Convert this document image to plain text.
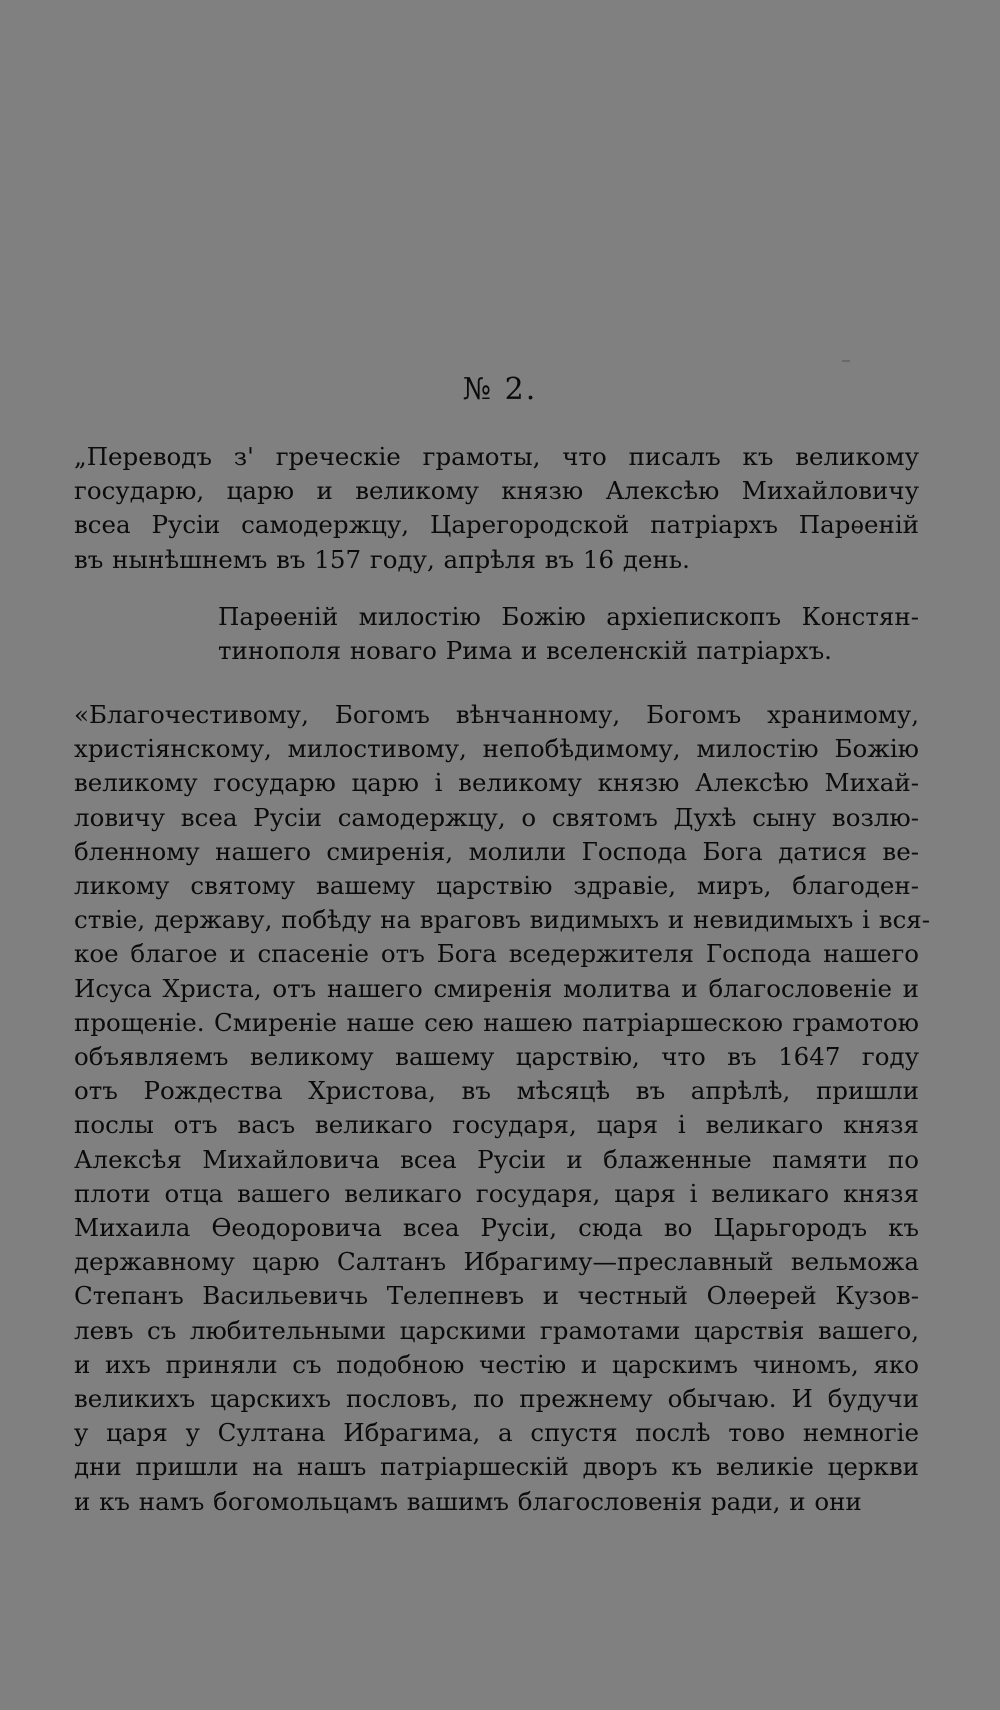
№ 2.
„Переводъ з' греческіе грамоты, что писалъ къ великому
государю, царю и великому князю Алексѣю Михайловичу
всеа Русіи самодержцу, Царегородской патріархъ Парѳеній
въ нынѣшнемъ въ 157 году, апрѣля въ 16 день.
Парѳеній милостію Божію архіепископъ Констян-
тинополя новаго Рима и вселенскій патріархъ.
«Благочестивому, Богомъ вѣнчанному, Богомъ хранимому,
христіянскому, милостивому, непобѣдимому, милостію Божію
великому государю царю і великому князю Алексѣю Михай-
ловичу всеа Русіи самодержцу, о святомъ Духѣ сыну возлю-
бленному нашего смиренія, молили Господа Бога датися ве-
ликому святому вашему царствію здравіе, миръ, благоден-
ствіе, державу, побѣду на враговъ видимыхъ и невидимыхъ і вся-
кое благое и спасеніе отъ Бога вседержителя Господа нашего
Исуса Христа, отъ нашего смиренія молитва и благословеніе и
прощеніе. Смиреніе наше сею нашею патріаршескою грамотою
объявляемъ великому вашему царствію, что въ 1647 году
отъ Рождества Христова, въ мѣсяцѣ въ апрѣлѣ, пришли
послы отъ васъ великаго государя, царя і великаго князя
Алексѣя Михайловича всеа Русіи и блаженные памяти по
плоти отца вашего великаго государя, царя і великаго князя
Михаила Ѳеодоровича всеа Русіи, сюда во Царьгородъ къ
державному царю Салтанъ Ибрагиму—преславный вельможа
Степанъ Васильевичь Телепневъ и честный Олѳерей Кузов-
левъ съ любительными царскими грамотами царствія вашего,
и ихъ приняли съ подобною честію и царскимъ чиномъ, яко
великихъ царскихъ пословъ, по прежнему обычаю. И будучи
у царя у Султана Ибрагима, а спустя послѣ тово немногіе
дни пришли на нашъ патріаршескій дворъ къ великіе церкви
и къ намъ богомольцамъ вашимъ благословенія ради, и они
